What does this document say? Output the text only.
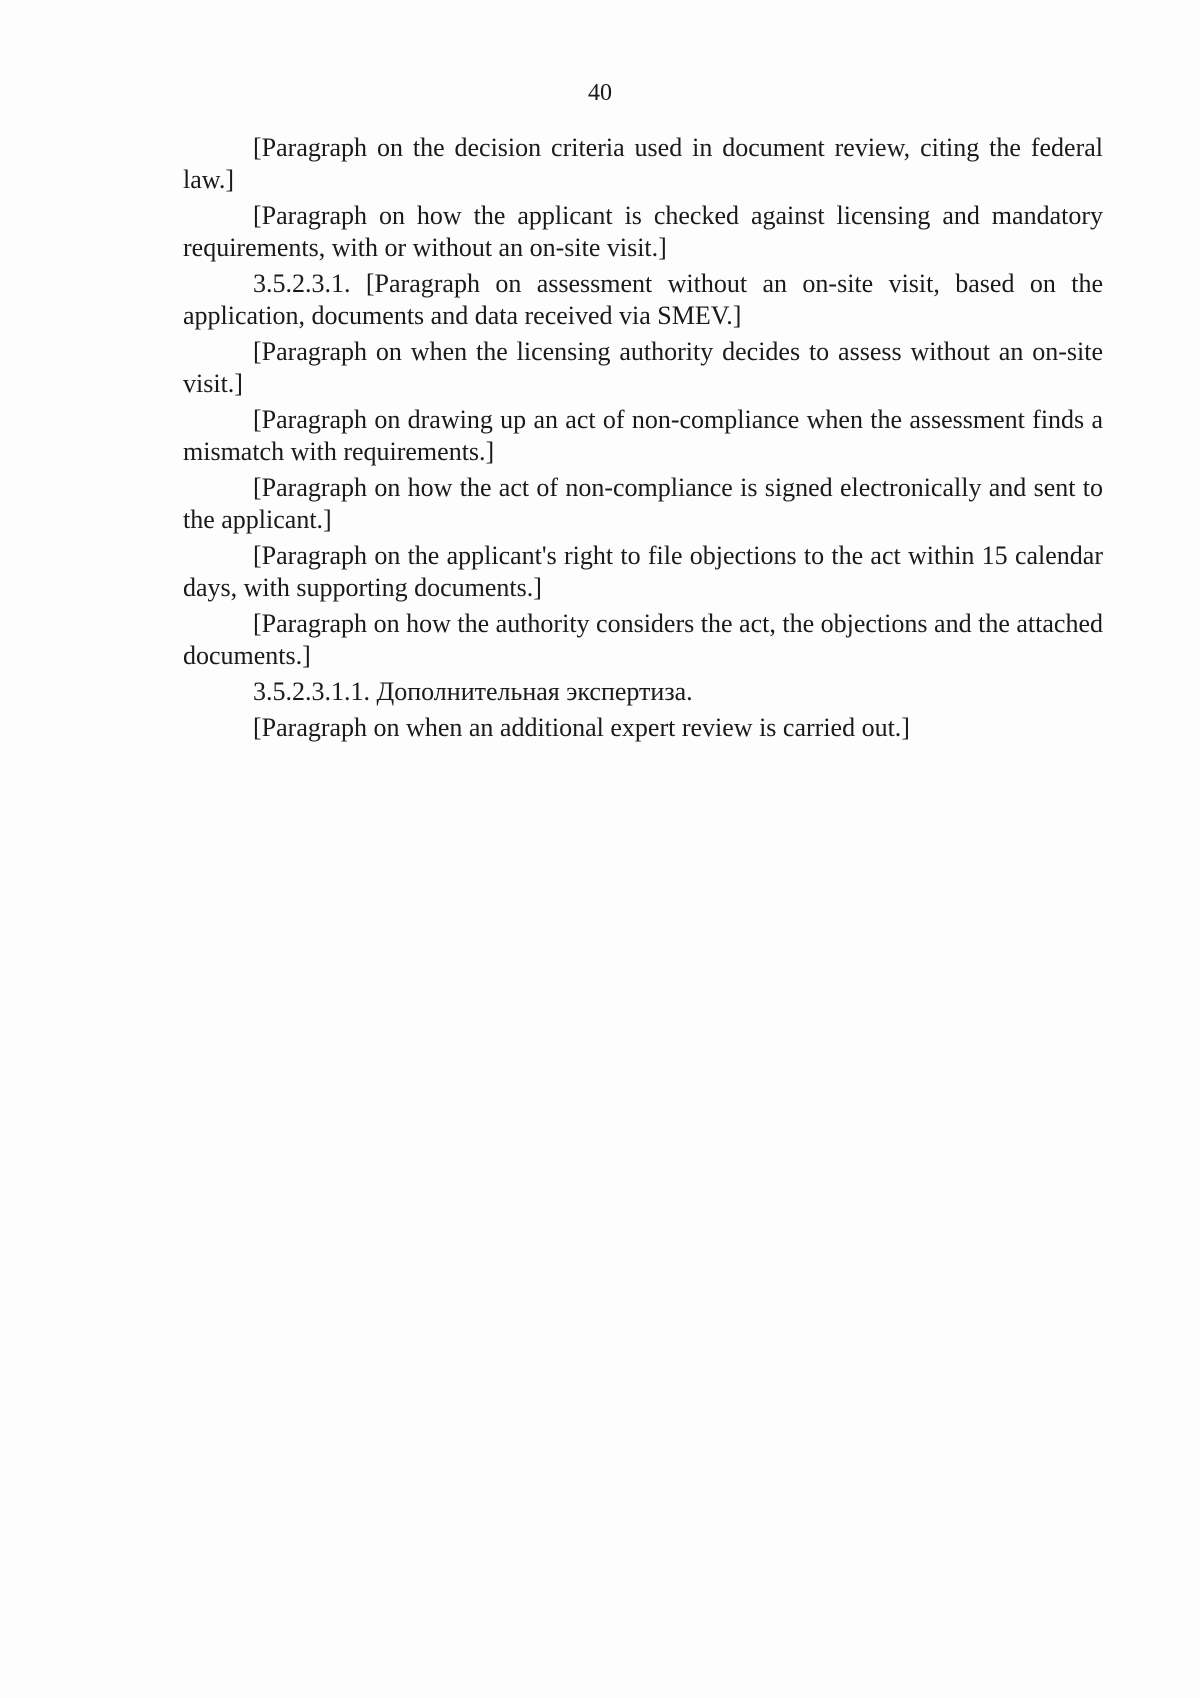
40

[Paragraph on the decision criteria used in document review, citing the federal law.]

[Paragraph on how the applicant is checked against licensing and mandatory requirements, with or without an on-site visit.]

3.5.2.3.1. [Paragraph on assessment without an on-site visit, based on the application, documents and data received via SMEV.]

[Paragraph on when the licensing authority decides to assess without an on-site visit.]

[Paragraph on drawing up an act of non-compliance when the assessment finds a mismatch with requirements.]

[Paragraph on how the act of non-compliance is signed electronically and sent to the applicant.]

[Paragraph on the applicant's right to file objections to the act within 15 calendar days, with supporting documents.]

[Paragraph on how the authority considers the act, the objections and the attached documents.]

3.5.2.3.1.1. Дополнительная экспертиза.

[Paragraph on when an additional expert review is carried out.]
